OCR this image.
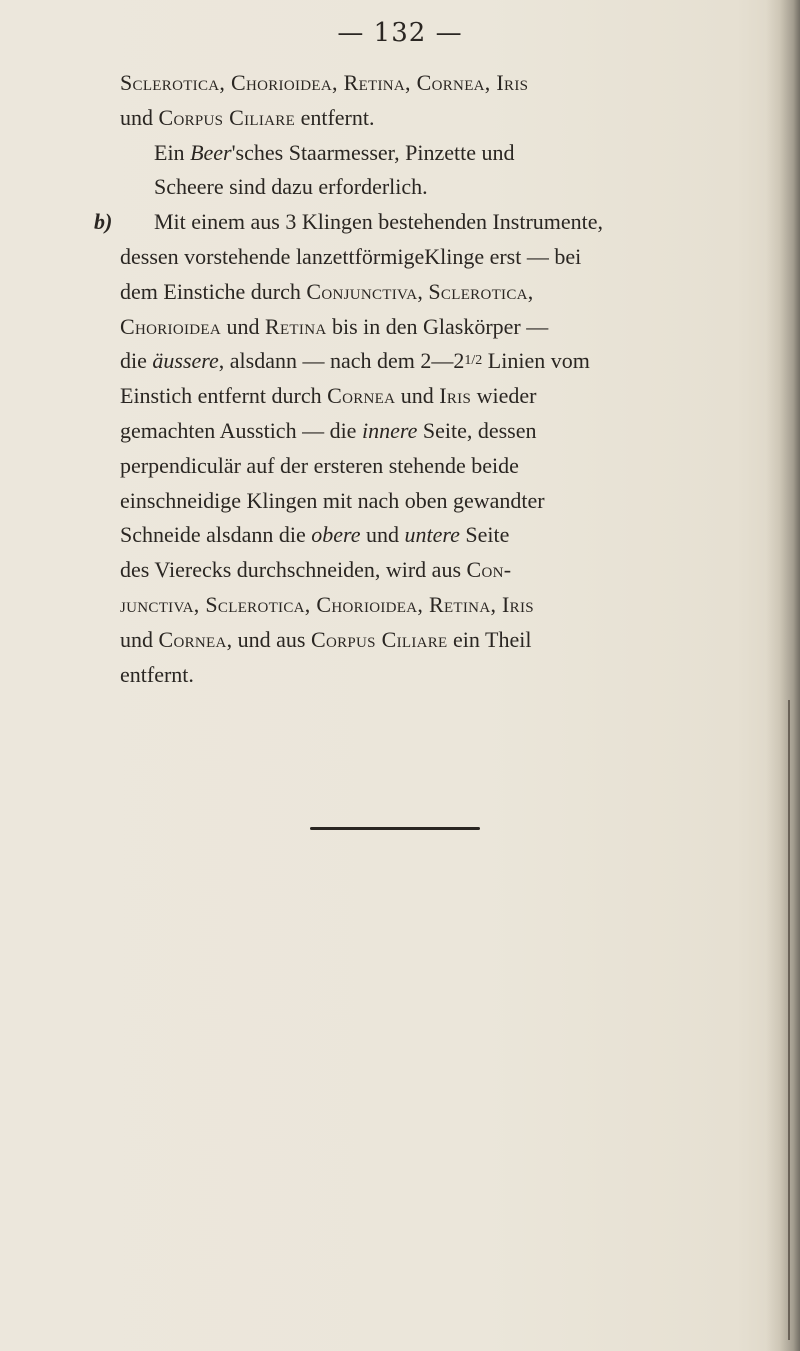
— 132 —
Sclerotica, Chorioidea, Retina, Cornea, Iris
und Corpus Ciliare entfernt.
Ein Beer'sches Staarmesser, Pinzette und
Scheere sind dazu erforderlich.
b) Mit einem aus 3 Klingen bestehenden Instrumente,
dessen vorstehende lanzettförmigeKlinge erst — bei
dem Einstiche durch Conjunctiva, Sclerotica,
Chorioidea und Retina bis in den Glaskörper —
die äussere, alsdann — nach dem 2—21/2 Linien vom
Einstich entfernt durch Cornea und Iris wieder
gemachten Ausstich — die innere Seite, dessen
perpendiculär auf der ersteren stehende beide
einschneidige Klingen mit nach oben gewandter
Schneide alsdann die obere und untere Seite
des Vierecks durchschneiden, wird aus Con-
junctiva, Sclerotica, Chorioidea, Retina, Iris
und Cornea, und aus Corpus Ciliare ein Theil
entfernt.
